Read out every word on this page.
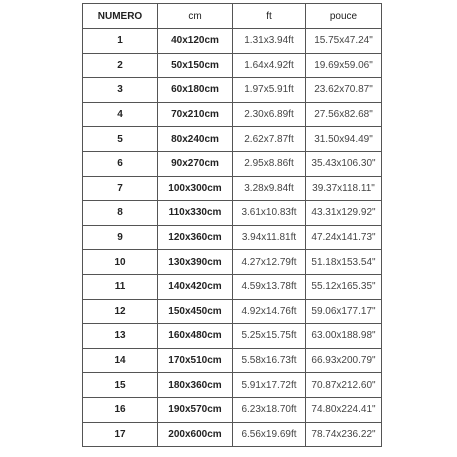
NUMERO	cm	ft	pouce
1	40x120cm	1.31x3.94ft	15.75x47.24"
2	50x150cm	1.64x4.92ft	19.69x59.06"
3	60x180cm	1.97x5.91ft	23.62x70.87"
4	70x210cm	2.30x6.89ft	27.56x82.68"
5	80x240cm	2.62x7.87ft	31.50x94.49"
6	90x270cm	2.95x8.86ft	35.43x106.30"
7	100x300cm	3.28x9.84ft	39.37x118.11"
8	110x330cm	3.61x10.83ft	43.31x129.92"
9	120x360cm	3.94x11.81ft	47.24x141.73"
10	130x390cm	4.27x12.79ft	51.18x153.54"
11	140x420cm	4.59x13.78ft	55.12x165.35"
12	150x450cm	4.92x14.76ft	59.06x177.17"
13	160x480cm	5.25x15.75ft	63.00x188.98"
14	170x510cm	5.58x16.73ft	66.93x200.79"
15	180x360cm	5.91x17.72ft	70.87x212.60"
16	190x570cm	6.23x18.70ft	74.80x224.41"
17	200x600cm	6.56x19.69ft	78.74x236.22"
